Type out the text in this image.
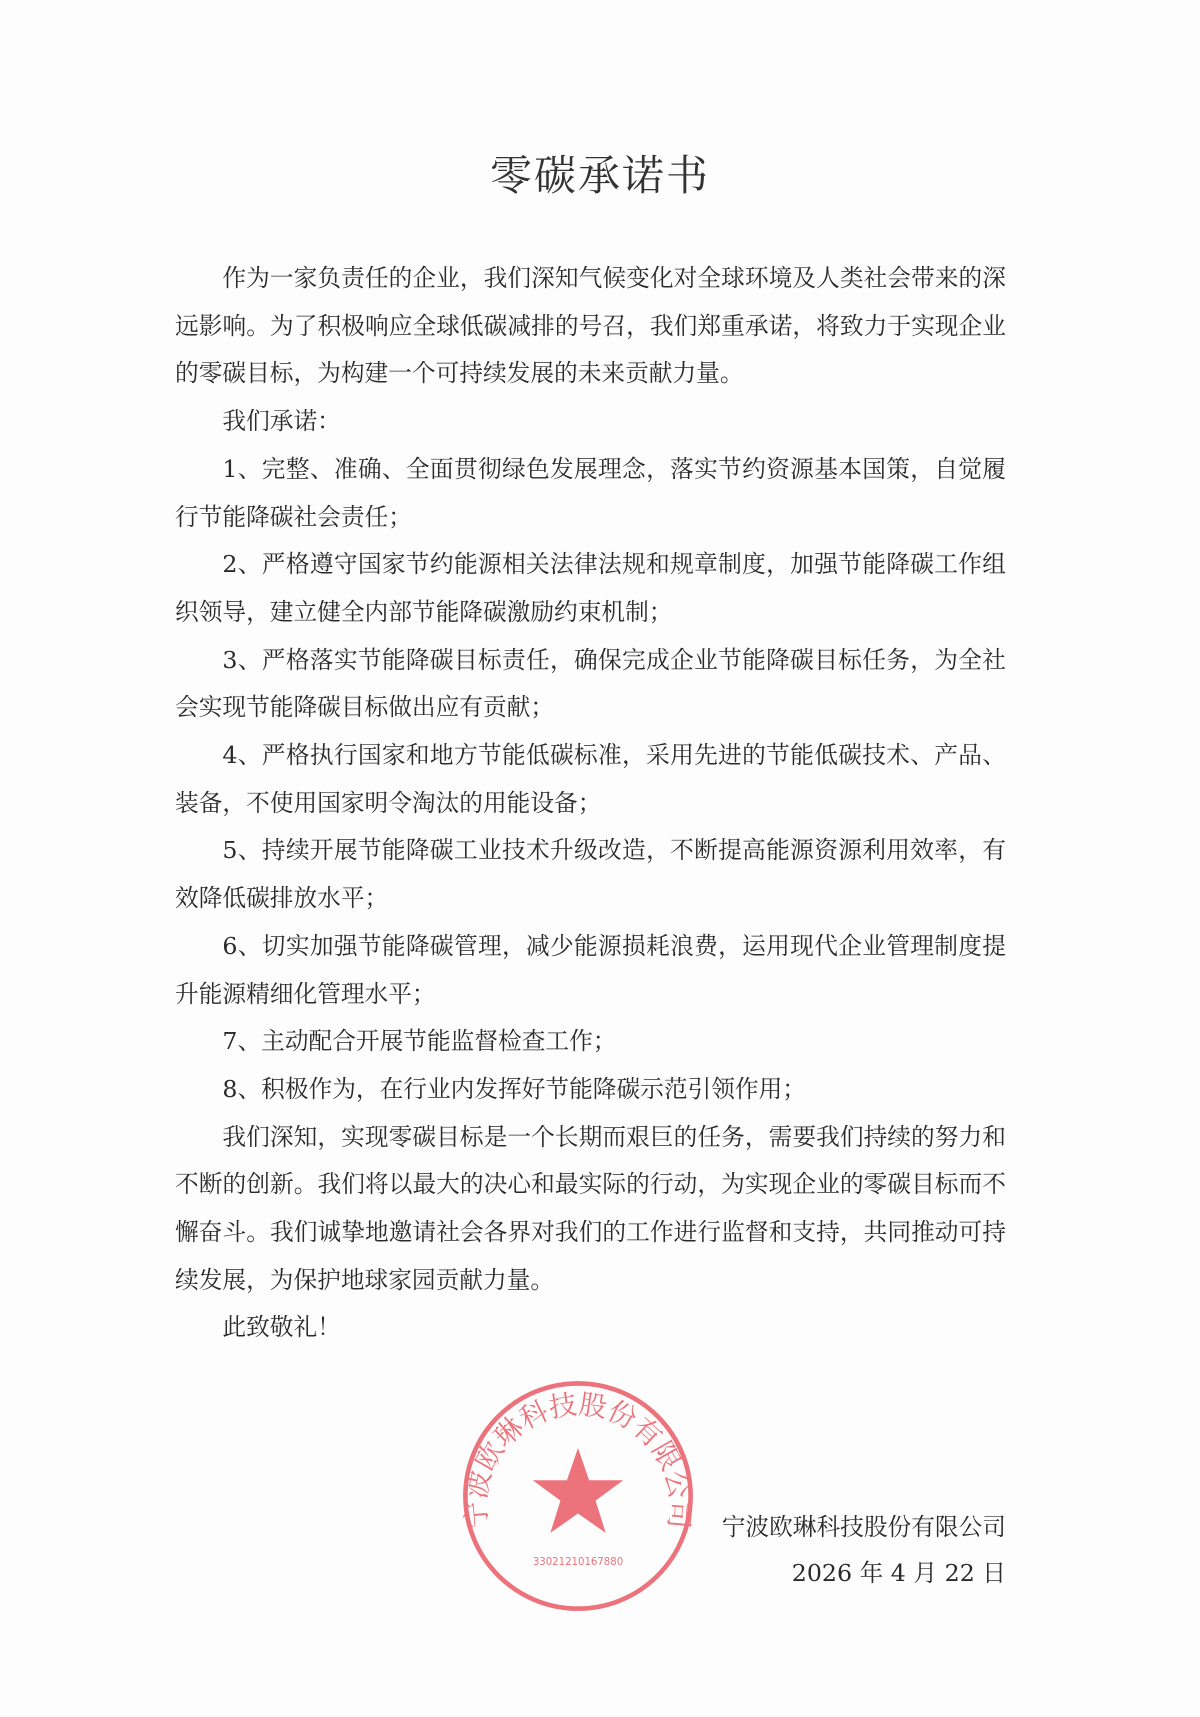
零碳承诺书

作为一家负责任的企业，我们深知气候变化对全球环境及人类社会带来的深远影响。为了积极响应全球低碳减排的号召，我们郑重承诺，将致力于实现企业的零碳目标，为构建一个可持续发展的未来贡献力量。

我们承诺：

1、完整、准确、全面贯彻绿色发展理念，落实节约资源基本国策，自觉履行节能降碳社会责任；

2、严格遵守国家节约能源相关法律法规和规章制度，加强节能降碳工作组织领导，建立健全内部节能降碳激励约束机制；

3、严格落实节能降碳目标责任，确保完成企业节能降碳目标任务，为全社会实现节能降碳目标做出应有贡献；

4、严格执行国家和地方节能低碳标准，采用先进的节能低碳技术、产品、装备，不使用国家明令淘汰的用能设备；

5、持续开展节能降碳工业技术升级改造，不断提高能源资源利用效率，有效降低碳排放水平；

6、切实加强节能降碳管理，减少能源损耗浪费，运用现代企业管理制度提升能源精细化管理水平；

7、主动配合开展节能监督检查工作；

8、积极作为，在行业内发挥好节能降碳示范引领作用；

我们深知，实现零碳目标是一个长期而艰巨的任务，需要我们持续的努力和不断的创新。我们将以最大的决心和最实际的行动，为实现企业的零碳目标而不懈奋斗。我们诚挚地邀请社会各界对我们的工作进行监督和支持，共同推动可持续发展，为保护地球家园贡献力量。

此致敬礼！

宁波欧琳科技股份有限公司
33021210167880
宁波欧琳科技股份有限公司
2026 年 4 月 22 日
